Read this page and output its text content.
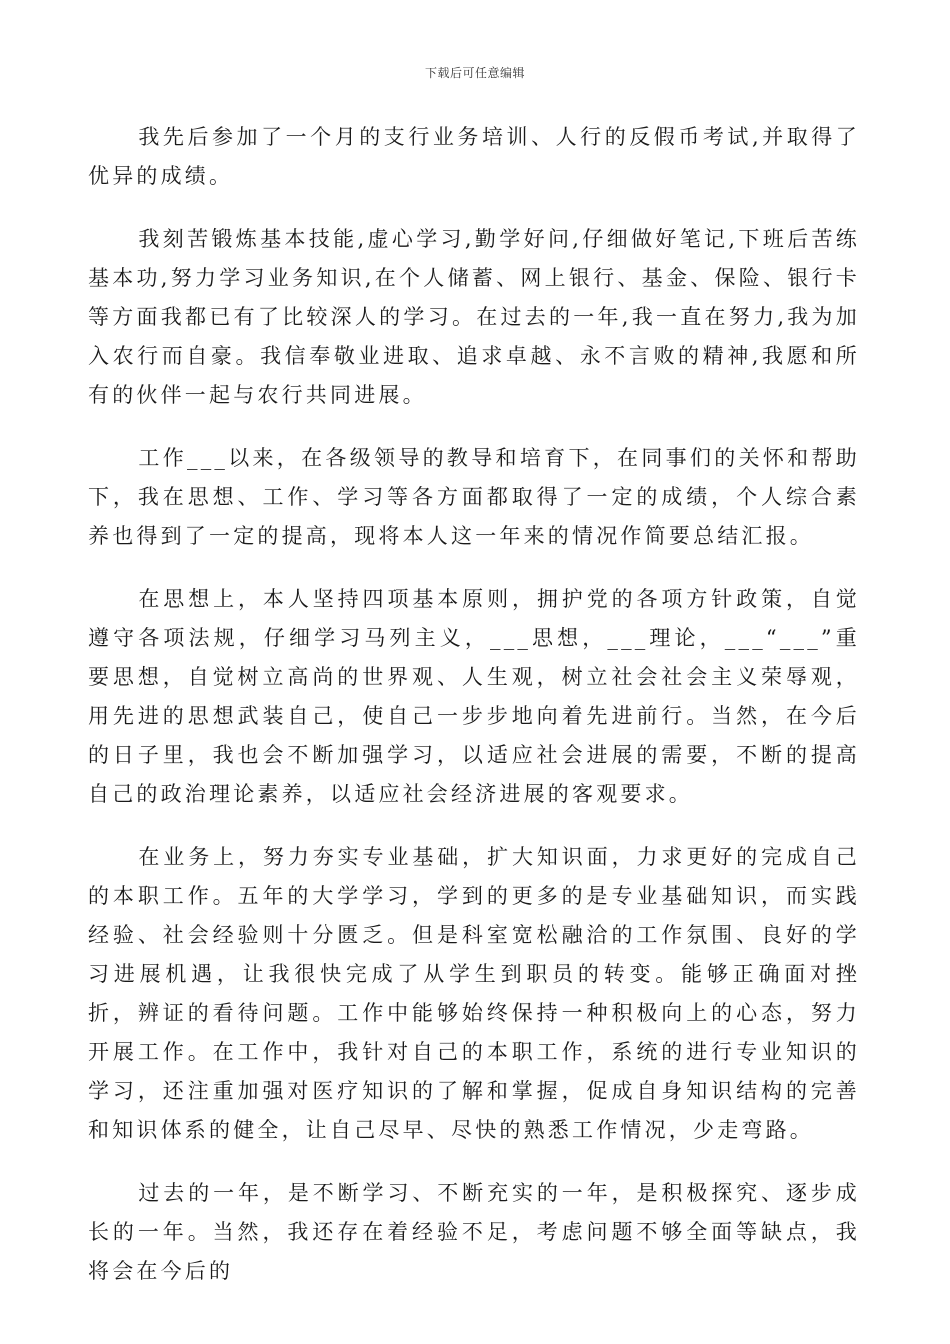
下载后可任意编辑

我先后参加了一个月的支行业务培训、人行的反假币考试,并取得了优异的成绩。

我刻苦锻炼基本技能,虚心学习,勤学好问,仔细做好笔记,下班后苦练基本功,努力学习业务知识,在个人储蓄、网上银行、基金、保险、银行卡等方面我都已有了比较深人的学习。在过去的一年,我一直在努力,我为加入农行而自豪。我信奉敬业进取、追求卓越、永不言败的精神,我愿和所有的伙伴一起与农行共同进展。

工作___以来，在各级领导的教导和培育下，在同事们的关怀和帮助下，我在思想、工作、学习等各方面都取得了一定的成绩，个人综合素养也得到了一定的提高，现将本人这一年来的情况作简要总结汇报。

在思想上，本人坚持四项基本原则，拥护党的各项方针政策，自觉遵守各项法规，仔细学习马列主义，___思想，___理论，___“___”重要思想，自觉树立高尚的世界观、人生观，树立社会社会主义荣辱观，用先进的思想武装自己，使自己一步步地向着先进前行。当然，在今后的日子里，我也会不断加强学习，以适应社会进展的需要，不断的提高自己的政治理论素养，以适应社会经济进展的客观要求。

在业务上，努力夯实专业基础，扩大知识面，力求更好的完成自己的本职工作。五年的大学学习，学到的更多的是专业基础知识，而实践经验、社会经验则十分匮乏。但是科室宽松融洽的工作氛围、良好的学习进展机遇，让我很快完成了从学生到职员的转变。能够正确面对挫折，辨证的看待问题。工作中能够始终保持一种积极向上的心态，努力开展工作。在工作中，我针对自己的本职工作，系统的进行专业知识的学习，还注重加强对医疗知识的了解和掌握，促成自身知识结构的完善和知识体系的健全，让自己尽早、尽快的熟悉工作情况，少走弯路。

过去的一年，是不断学习、不断充实的一年，是积极探究、逐步成长的一年。当然，我还存在着经验不足，考虑问题不够全面等缺点，我将会在今后的
